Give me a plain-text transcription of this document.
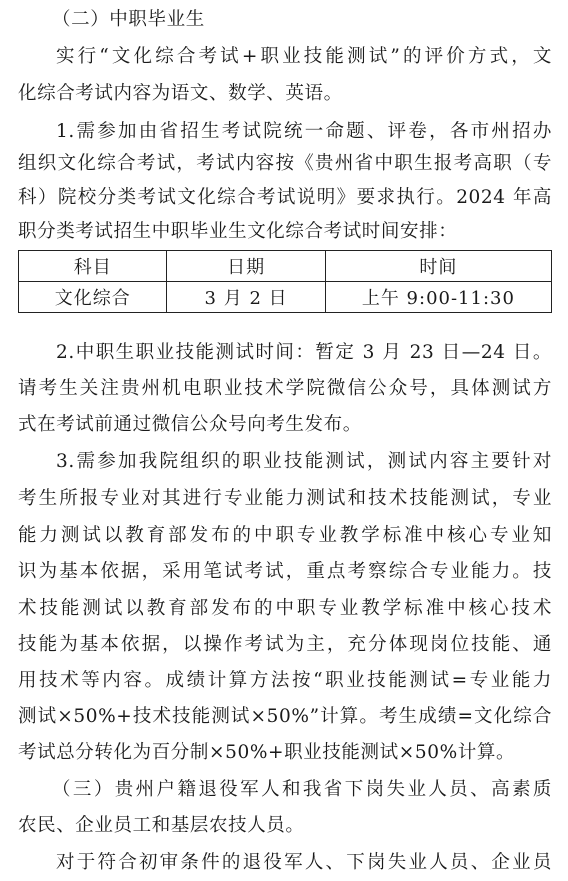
（二）中职毕业生
实行“文化综合考试+职业技能测试”的评价方式，文
化综合考试内容为语文、数学、英语。
1.需参加由省招生考试院统一命题、评卷，各市州招办
组织文化综合考试，考试内容按《贵州省中职生报考高职（专
科）院校分类考试文化综合考试说明》要求执行。2024 年高
职分类考试招生中职毕业生文化综合考试时间安排：
科目	日期	时间
文化综合	3 月 2 日	上午 9:00-11:30
2.中职生职业技能测试时间：暂定 3 月 23 日—24 日。
请考生关注贵州机电职业技术学院微信公众号，具体测试方
式在考试前通过微信公众号向考生发布。
3.需参加我院组织的职业技能测试，测试内容主要针对
考生所报专业对其进行专业能力测试和技术技能测试，专业
能力测试以教育部发布的中职专业教学标准中核心专业知
识为基本依据，采用笔试考试，重点考察综合专业能力。技
术技能测试以教育部发布的中职专业教学标准中核心技术
技能为基本依据，以操作考试为主，充分体现岗位技能、通
用技术等内容。成绩计算方法按“职业技能测试=专业能力
测试×50%+技术技能测试×50%”计算。考生成绩=文化综合
考试总分转化为百分制×50%+职业技能测试×50%计算。
（三）贵州户籍退役军人和我省下岗失业人员、高素质
农民、企业员工和基层农技人员。
对于符合初审条件的退役军人、下岗失业人员、企业员
